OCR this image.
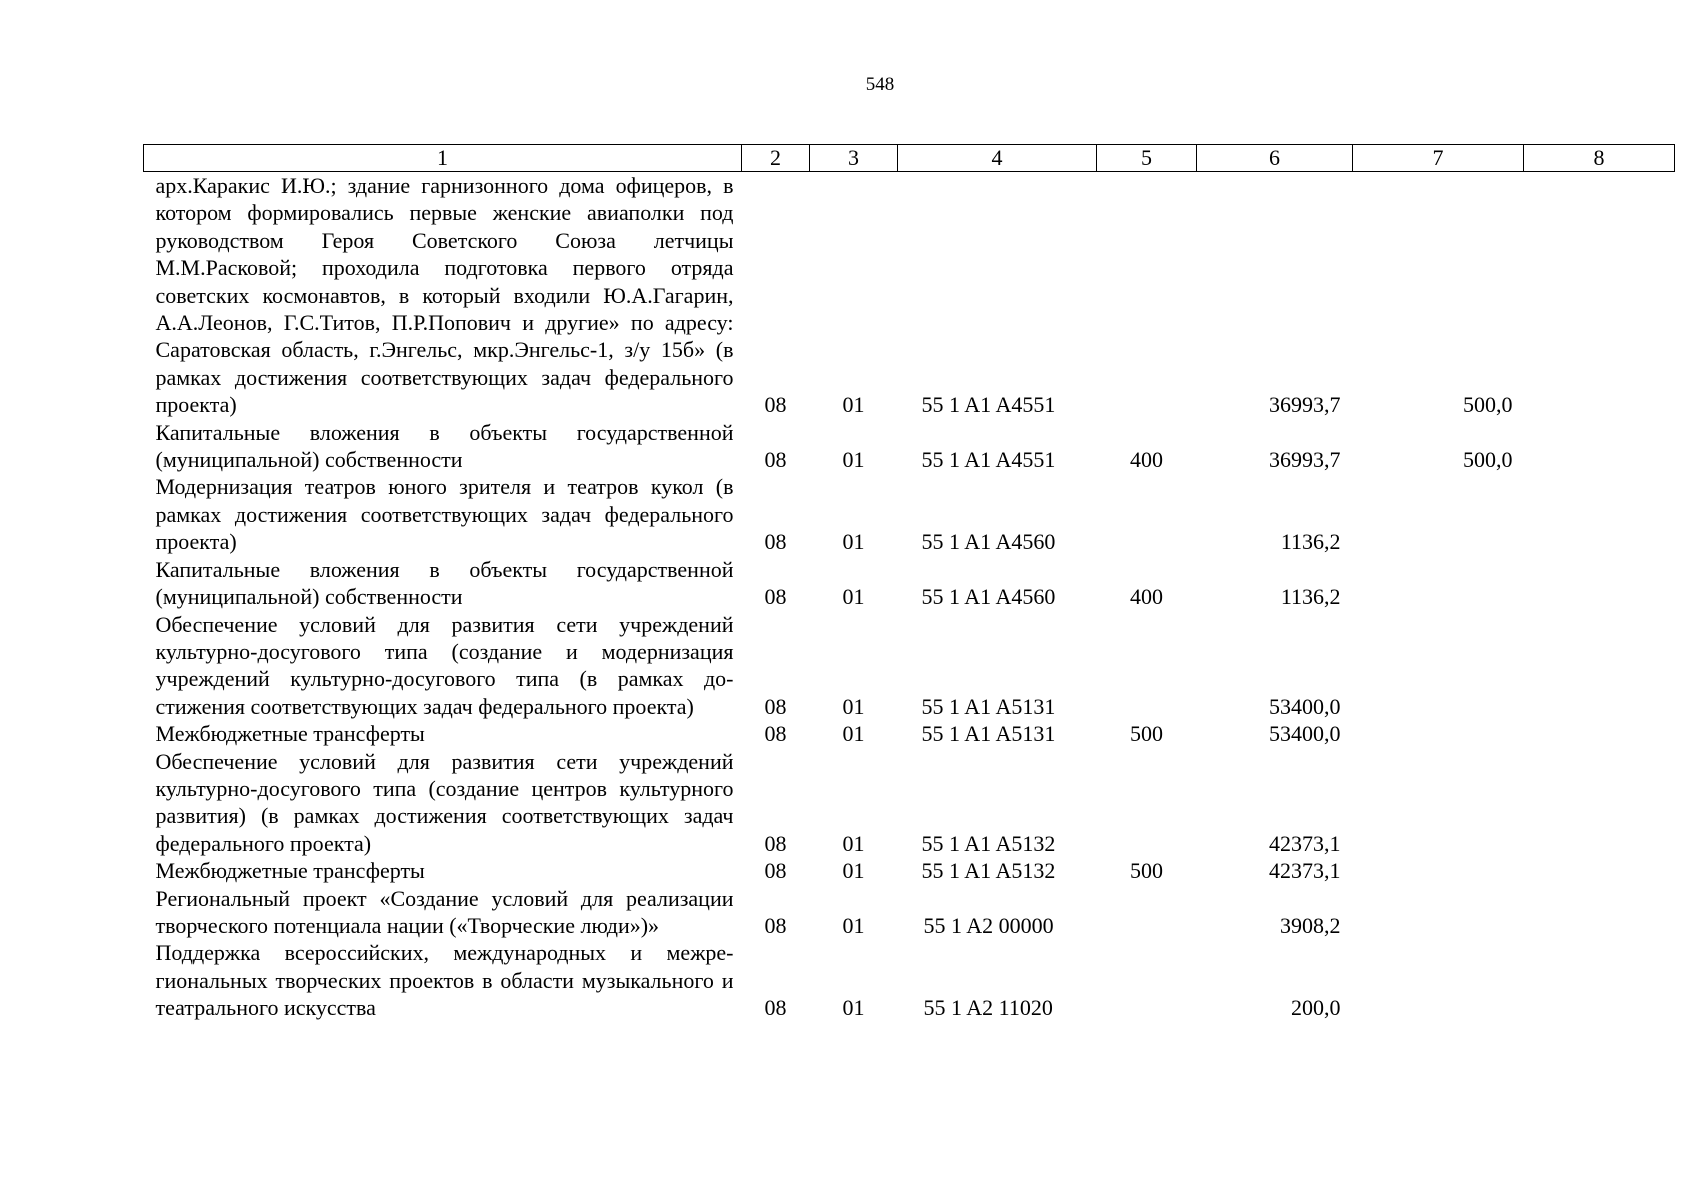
548
1	2	3	4	5	6	7	8
арх.Каракис И.Ю.; здание гарнизонного дома офицеров, в котором формировались первые женские авиаполки под руководством Героя Советского Союза летчицы М.М.Расковой; проходила подготовка первого отряда советских космонавтов, в который входили Ю.А.Гагарин, А.А.Леонов, Г.С.Титов, П.Р.Попович и другие» по адресу: Саратовская область, г.Энгельс, мкр.Энгельс-1, з/у 15б» (в рамках достижения соответствующих задач федерального проекта)	08	01	55 1 A1 A4551		36993,7	500,0	
Капитальные вложения в объекты государственной (муниципальной) собственности	08	01	55 1 A1 A4551	400	36993,7	500,0	
Модернизация театров юного зрителя и театров кукол (в рамках достижения соответствующих задач федерального проекта)	08	01	55 1 A1 A4560		1136,2		
Капитальные вложения в объекты государственной (муниципальной) собственности	08	01	55 1 A1 A4560	400	1136,2		
Обеспечение условий для развития сети учреждений культурно-досугового типа (создание и модернизация учреждений культурно-досугового типа (в рамках достижения соответствующих задач федерального проекта)	08	01	55 1 A1 A5131		53400,0		
Межбюджетные трансферты	08	01	55 1 A1 A5131	500	53400,0		
Обеспечение условий для развития сети учреждений культурно-досугового типа (создание центров культурного развития) (в рамках достижения соответствующих задач федерального проекта)	08	01	55 1 A1 A5132		42373,1		
Межбюджетные трансферты	08	01	55 1 A1 A5132	500	42373,1		
Региональный проект «Создание условий для реализации творческого потенциала нации («Творческие люди»)»	08	01	55 1 A2 00000		3908,2		
Поддержка всероссийских, международных и межрегиональных творческих проектов в области музыкального и театрального искусства	08	01	55 1 A2 11020		200,0		
